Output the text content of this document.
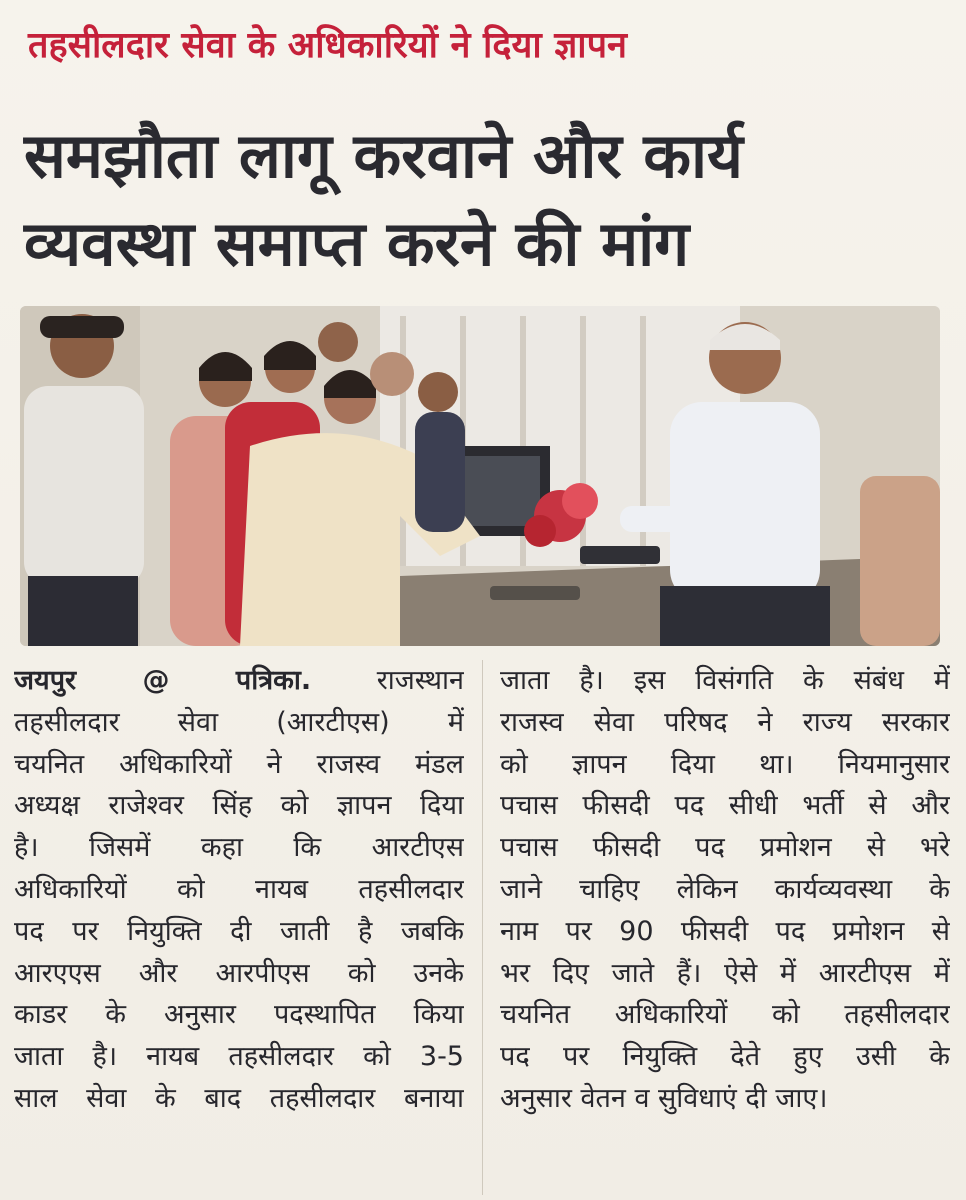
तहसीलदार सेवा के अधिकारियों ने दिया ज्ञापन
समझौता लागू करवाने और कार्य
व्यवस्था समाप्त करने की मांग
जयपुर @ पत्रिका. राजस्थान
तहसीलदार सेवा (आरटीएस) में
चयनित अधिकारियों ने राजस्व मंडल
अध्यक्ष राजेश्वर सिंह को ज्ञापन दिया
है। जिसमें कहा कि आरटीएस
अधिकारियों को नायब तहसीलदार
पद पर नियुक्ति दी जाती है जबकि
आरएएस और आरपीएस को उनके
काडर के अनुसार पदस्थापित किया
जाता है। नायब तहसीलदार को 3-5
साल सेवा के बाद तहसीलदार बनाया
जाता है। इस विसंगति के संबंध में
राजस्व सेवा परिषद ने राज्य सरकार
को ज्ञापन दिया था। नियमानुसार
पचास फीसदी पद सीधी भर्ती से और
पचास फीसदी पद प्रमोशन से भरे
जाने चाहिए लेकिन कार्यव्यवस्था के
नाम पर 90 फीसदी पद प्रमोशन से
भर दिए जाते हैं। ऐसे में आरटीएस में
चयनित अधिकारियों को तहसीलदार
पद पर नियुक्ति देते हुए उसी के
अनुसार वेतन व सुविधाएं दी जाए।
